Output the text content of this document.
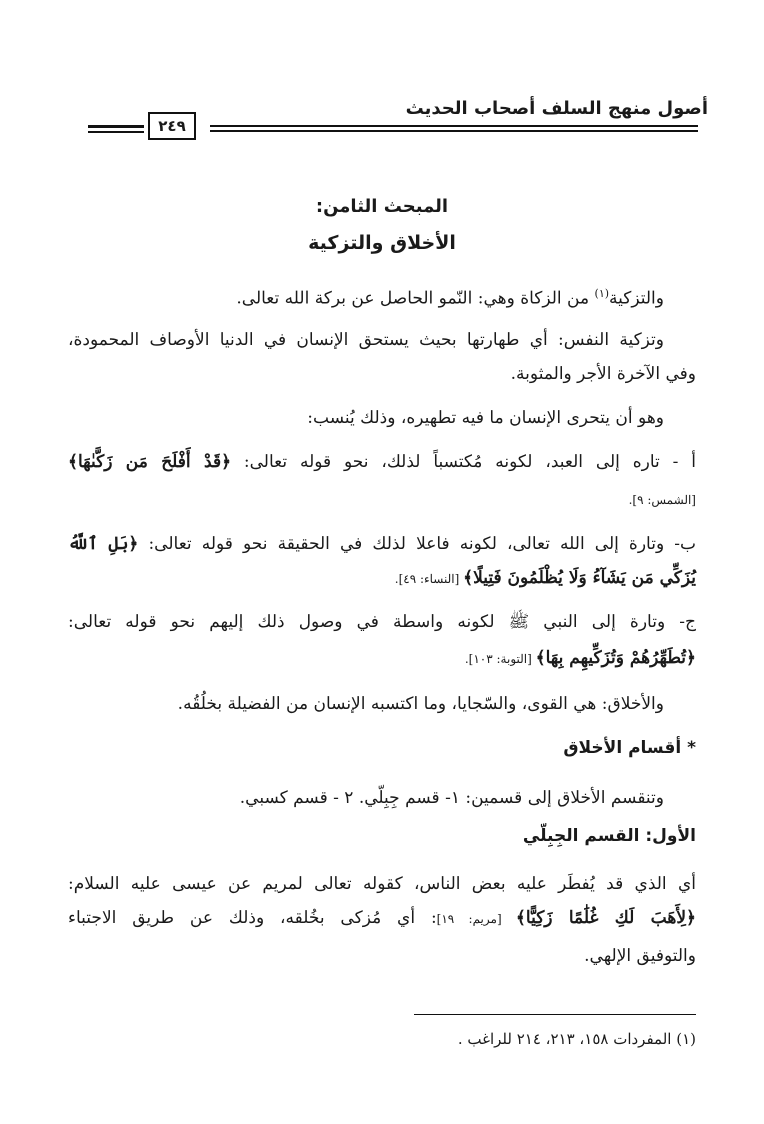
أصول منهج السلف أصحاب الحديث
٢٤٩
المبحث الثامن:
الأخلاق والتزكية
والتزكية$^{(١)}$ من الزكاة وهي: النّمو الحاصل عن بركة الله تعالى.
وتزكية النفس: أي طهارتها بحيث يستحق الإنسان في الدنيا الأوصاف المحمودة،
وفي الآخرة الأجر والمثوبة.
وهو أن يتحرى الإنسان ما فيه تطهيره، وذلك يُنسب:
أ - تاره إلى العبد، لكونه مُكتسباً لذلك، نحو قوله تعالى: ﴿قَدْ أَفْلَحَ مَن زَكَّىٰهَا﴾
[الشمس: ٩].
ب- وتارة إلى الله تعالى، لكونه فاعلا لذلك في الحقيقة نحو قوله تعالى: ﴿بَلِ ٱللَّهُ
يُزَكِّي مَن يَشَآءُ وَلَا يُظْلَمُونَ فَتِيلًا﴾ [النساء: ٤٩].
ج- وتارة إلى النبي ﷺ لكونه واسطة في وصول ذلك إليهم نحو قوله تعالى:
﴿تُطَهِّرُهُمْ وَتُزَكِّيهِم بِهَا﴾ [التوبة: ١٠٣].
والأخلاق: هي القوى، والسّجايا، وما اكتسبه الإنسان من الفضيلة بخلُقُه.
* أقسام الأخلاق
وتنقسم الأخلاق إلى قسمين: ١- قسم جِبِلّي. ٢ - قسم كسبي.
الأول: القسم الجِبِلّي
أي الذي قد يُفطَر عليه بعض الناس، كقوله تعالى لمريم عن عيسى عليه السلام:
﴿لِأَهَبَ لَكِ غُلَٰمًا زَكِيًّا﴾ [مريم: ١٩]: أي مُزكى بخُلقه، وذلك عن طريق الاجتباء
والتوفيق الإلهي.
(١) المفردات ١٥٨، ٢١٣، ٢١٤ للراغب .
